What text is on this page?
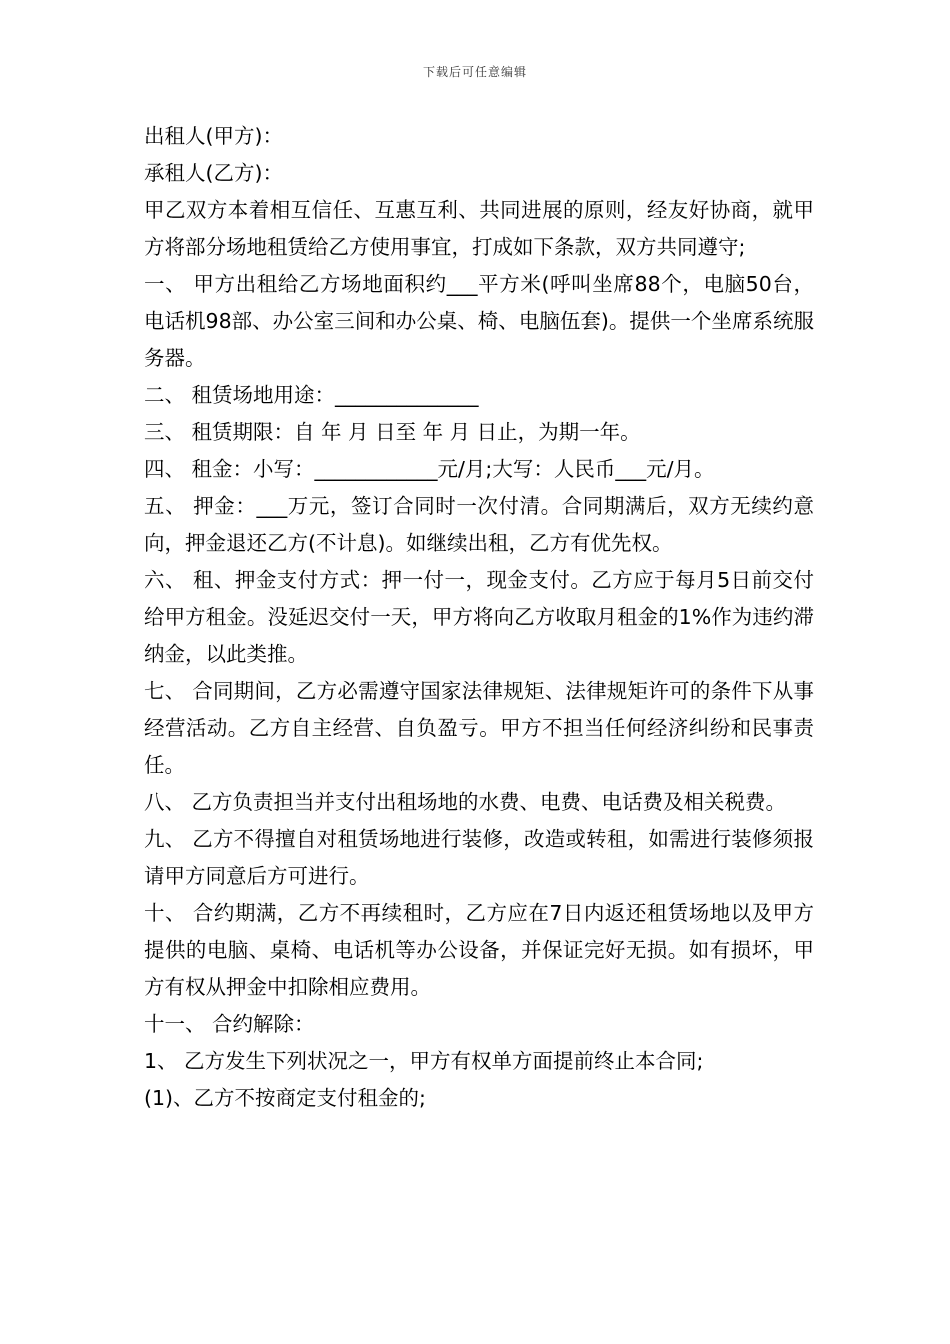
下载后可任意编辑

出租人(甲方)：

承租人(乙方)：

甲乙双方本着相互信任、互惠互利、共同进展的原则，经友好协商，就甲方将部分场地租赁给乙方使用事宜，打成如下条款，双方共同遵守;

一、 甲方出租给乙方场地面积约___平方米(呼叫坐席88个，电脑50台，电话机98部、办公室三间和办公桌、椅、电脑伍套)。提供一个坐席系统服务器。

二、 租赁场地用途：______________

三、 租赁期限：自 年 月 日至 年 月 日止，为期一年。

四、 租金：小写：____________元/月;大写：人民币___元/月。

五、 押金：___万元，签订合同时一次付清。合同期满后，双方无续约意向，押金退还乙方(不计息)。如继续出租，乙方有优先权。

六、 租、押金支付方式：押一付一，现金支付。乙方应于每月5日前交付给甲方租金。没延迟交付一天，甲方将向乙方收取月租金的1%作为违约滞纳金，以此类推。

七、 合同期间，乙方必需遵守国家法律规矩、法律规矩许可的条件下从事经营活动。乙方自主经营、自负盈亏。甲方不担当任何经济纠纷和民事责任。

八、 乙方负责担当并支付出租场地的水费、电费、电话费及相关税费。

九、 乙方不得擅自对租赁场地进行装修，改造或转租，如需进行装修须报请甲方同意后方可进行。

十、 合约期满，乙方不再续租时，乙方应在7日内返还租赁场地以及甲方提供的电脑、桌椅、电话机等办公设备，并保证完好无损。如有损坏，甲方有权从押金中扣除相应费用。

十一、 合约解除：

1、 乙方发生下列状况之一，甲方有权单方面提前终止本合同;

(1)、乙方不按商定支付租金的;
